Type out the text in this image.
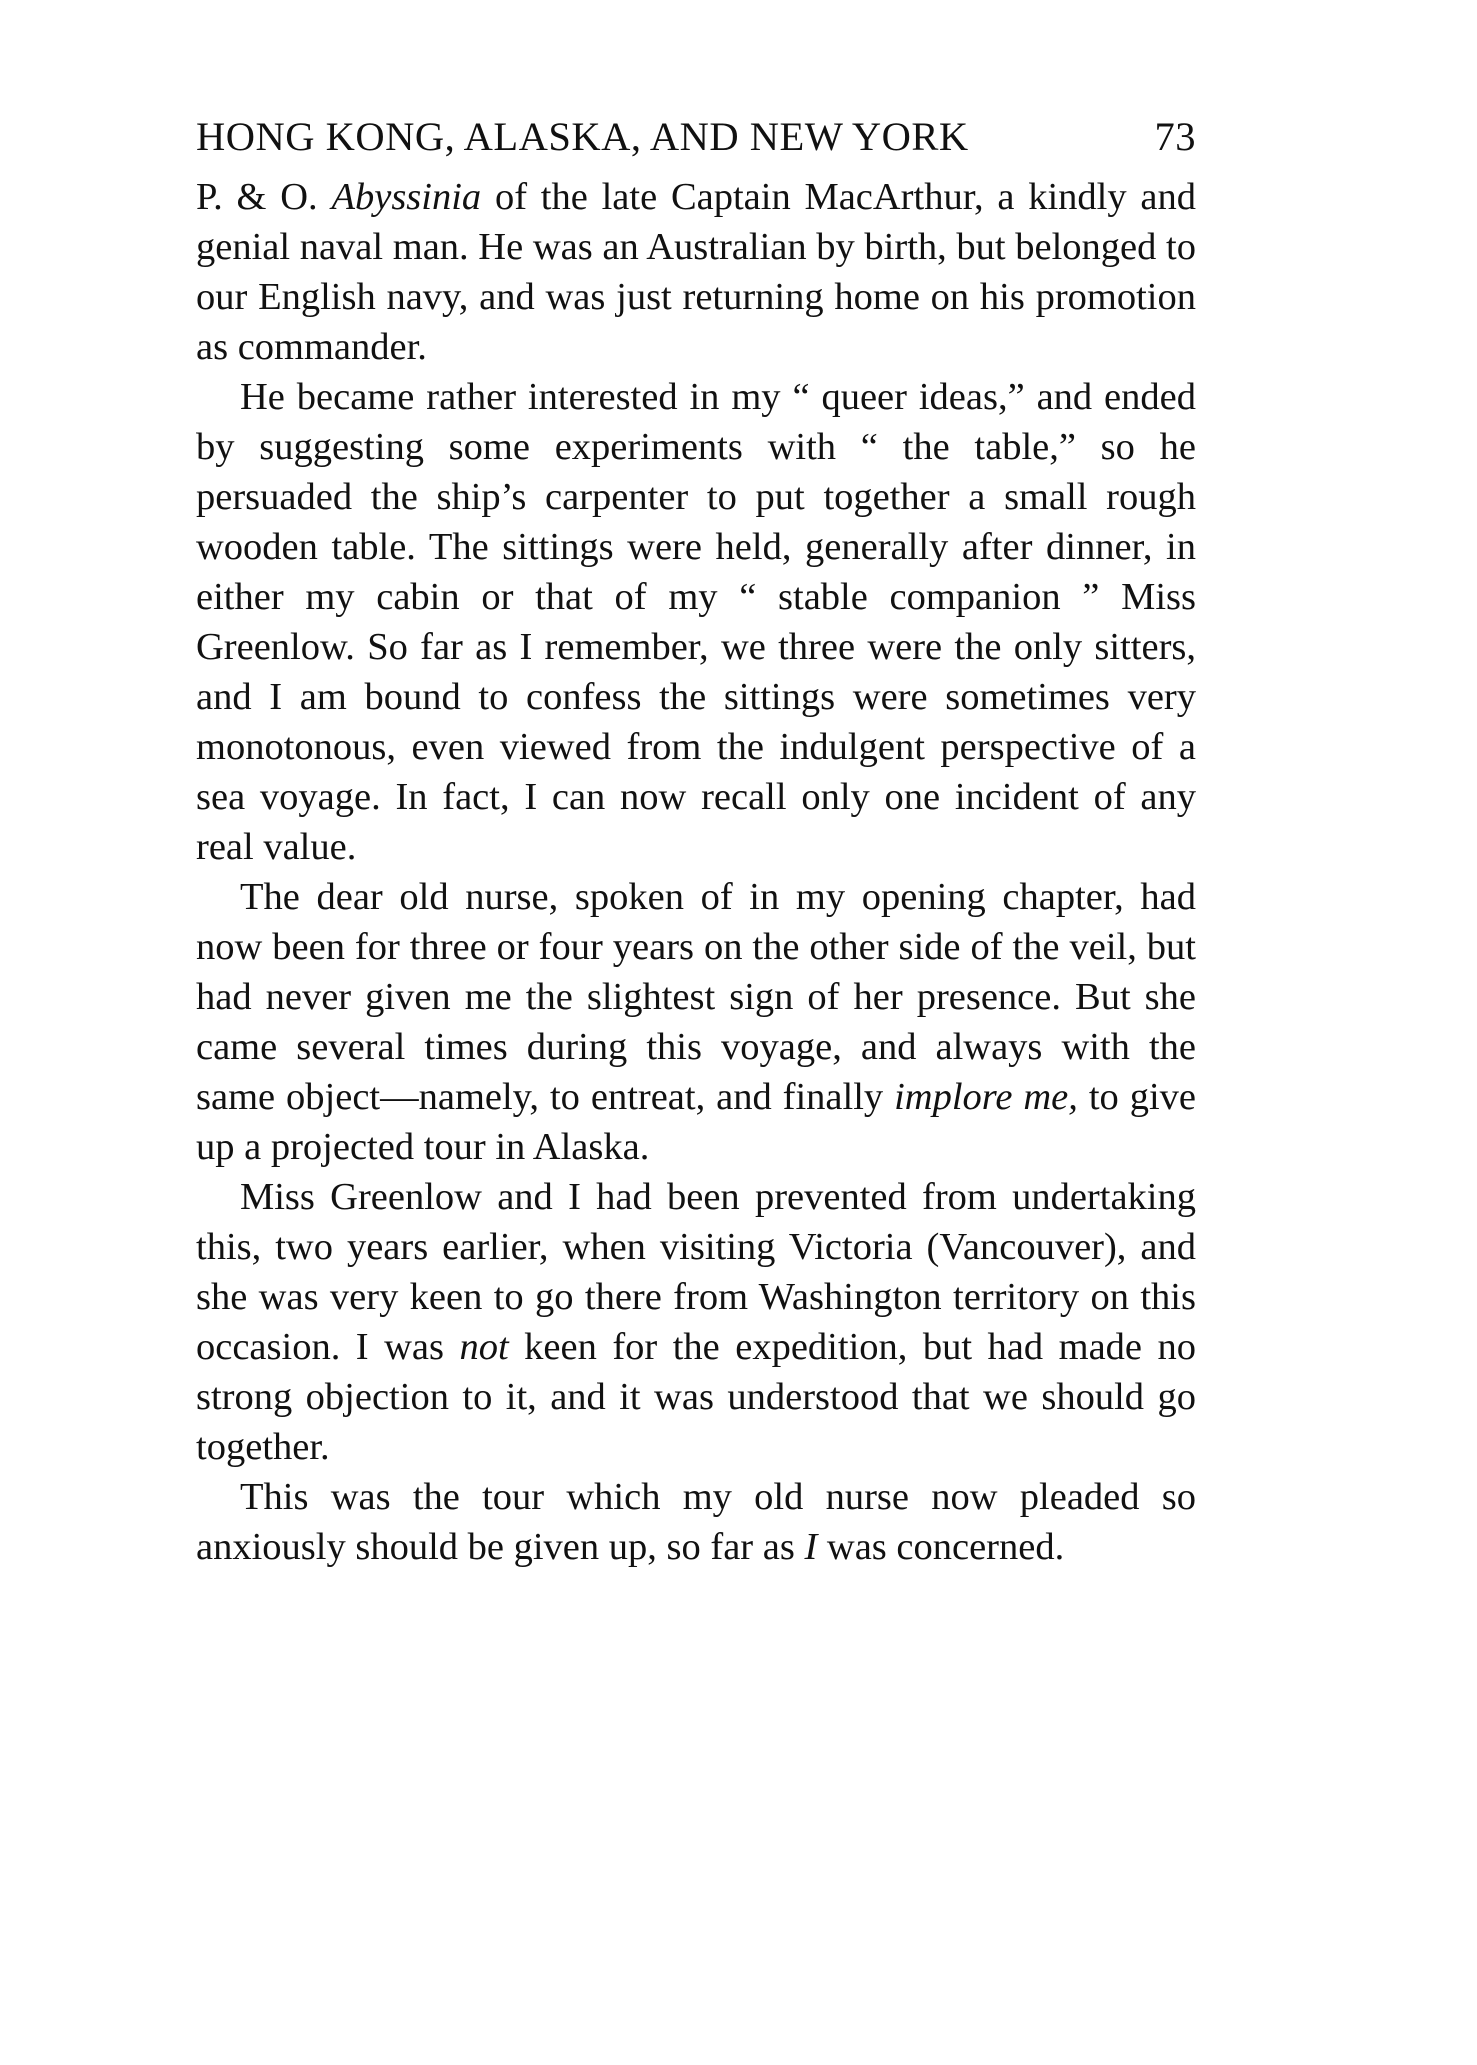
HONG KONG, ALASKA, AND NEW YORK	73

P. & O. Abyssinia of the late Captain MacArthur, a kindly and genial naval man. He was an Australian by birth, but belonged to our English navy, and was just returning home on his promotion as commander.

He became rather interested in my “ queer ideas,” and ended by suggesting some experiments with “ the table,” so he persuaded the ship’s carpenter to put together a small rough wooden table. The sittings were held, generally after dinner, in either my cabin or that of my “ stable companion ” Miss Greenlow. So far as I remember, we three were the only sitters, and I am bound to confess the sittings were sometimes very monotonous, even viewed from the indulgent perspective of a sea voyage. In fact, I can now recall only one incident of any real value.

The dear old nurse, spoken of in my opening chapter, had now been for three or four years on the other side of the veil, but had never given me the slightest sign of her presence. But she came several times during this voyage, and always with the same object—namely, to entreat, and finally implore me, to give up a projected tour in Alaska.

Miss Greenlow and I had been prevented from undertaking this, two years earlier, when visiting Victoria (Vancouver), and she was very keen to go there from Washington territory on this occasion. I was not keen for the expedition, but had made no strong objection to it, and it was understood that we should go together.

This was the tour which my old nurse now pleaded so anxiously should be given up, so far as I was concerned.
